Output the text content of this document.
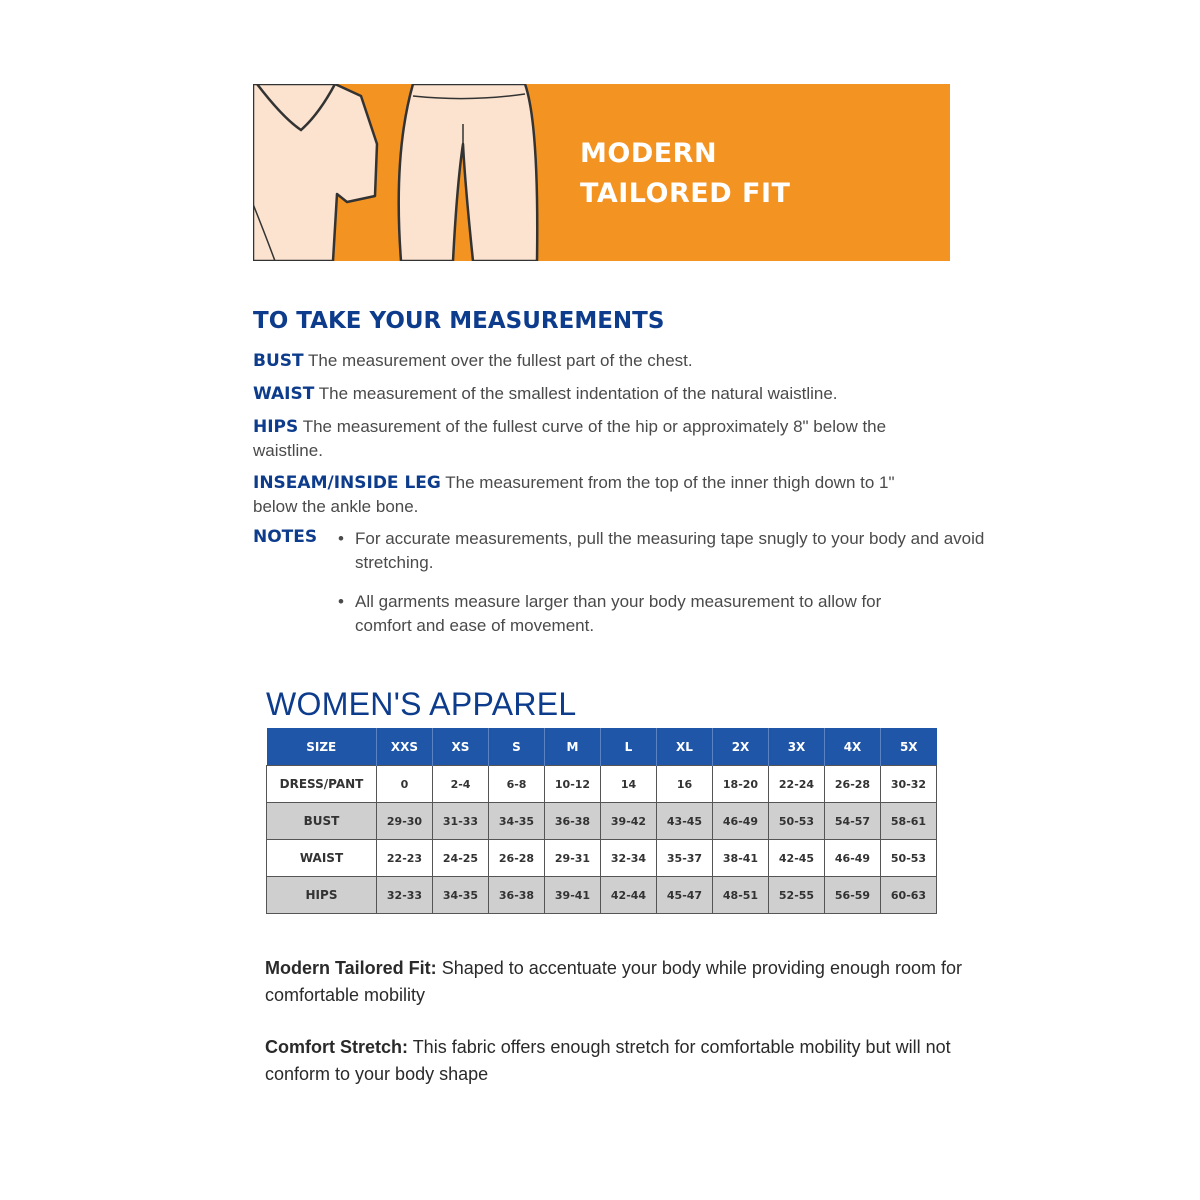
MODERN
TAILORED FIT
TO TAKE YOUR MEASUREMENTS
BUST The measurement over the fullest part of the chest.
WAIST The measurement of the smallest indentation of the natural waistline.
HIPS The measurement of the fullest curve of the hip or approximately 8" below the waistline.
INSEAM/INSIDE LEG The measurement from the top of the inner thigh down to 1" below the ankle bone.
NOTES • For accurate measurements, pull the measuring tape snugly to your body and avoid stretching.
• All garments measure larger than your body measurement to allow for comfort and ease of movement.
WOMEN'S APPAREL
SIZE	XXS	XS	S	M	L	XL	2X	3X	4X	5X
DRESS/PANT	0	2-4	6-8	10-12	14	16	18-20	22-24	26-28	30-32
BUST	29-30	31-33	34-35	36-38	39-42	43-45	46-49	50-53	54-57	58-61
WAIST	22-23	24-25	26-28	29-31	32-34	35-37	38-41	42-45	46-49	50-53
HIPS	32-33	34-35	36-38	39-41	42-44	45-47	48-51	52-55	56-59	60-63
Modern Tailored Fit: Shaped to accentuate your body while providing enough room for comfortable mobility
Comfort Stretch: This fabric offers enough stretch for comfortable mobility but will not conform to your body shape
